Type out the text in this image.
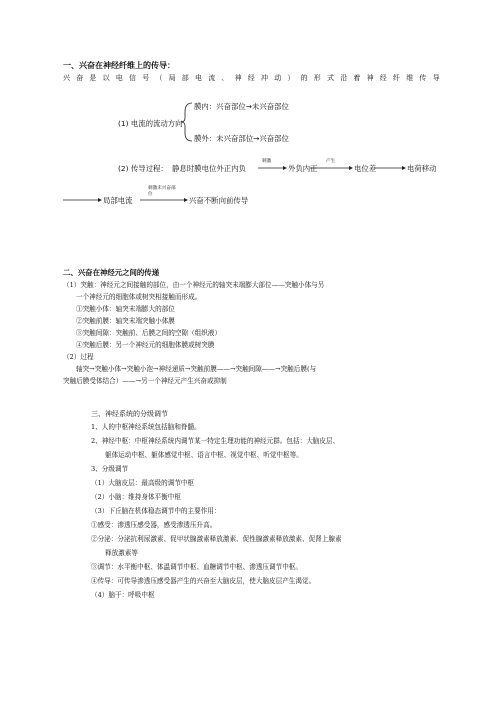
一、兴奋在神经纤维上的传导：
兴奋是以电信号（局部电流、神经冲动）的形式沿着神经纤维传导
(1) 电流的流动方向
膜内：兴奋部位→未兴奋部位
膜外：未兴奋部位→兴奋部位
(2) 传导过程： 静息时膜电位外正内负
刺激
外负内正
产生
电位差	电荷移动
局部电流
刺激未兴奋部位
兴奋不断向前传导
二、兴奋在神经元之间的传递
（1）突触：神经元之间接触的部位，由一个神经元的轴突末端膨大部位——突触小体与另
一个神经元的细胞体或树突相接触而形成。
①突触小体：轴突末端膨大的部位
②突触前膜：轴突末端突触小体膜
③突触间隙：突触前、后膜之间的空隙（组织液）
④突触后膜：另一个神经元的细胞体膜或树突膜
（2）过程
轴突→突触小体→突触小泡→神经递质→突触前膜——→突触间隙——→突触后膜(与
突触后膜受体结合）——→另一个神经元产生兴奋或抑制
三、神经系统的分级调节
1、人的中枢神经系统包括脑和脊髓。
2、神经中枢：中枢神经系统内调节某一特定生理功能的神经元群。包括：大脑皮层、
躯体运动中枢、躯体感觉中枢、语言中枢、视觉中枢、听觉中枢等。
3、分级调节
（1）大脑皮层：最高级的调节中枢
（2）小脑：维持身体平衡中枢
（3）下丘脑在机体稳态调节中的主要作用：
①感受：渗透压感受器，感受渗透压升高。
②分泌：分泌抗利尿激素、促甲状腺激素释放激素、促性腺激素释放激素、促肾上腺素
释放激素等
③调节：水平衡中枢、体温调节中枢、血糖调节中枢、渗透压调节中枢。
④传导：可传导渗透压感受器产生的兴奋至大脑皮层，使大脑皮层产生渴觉。
（4）脑干：呼吸中枢
